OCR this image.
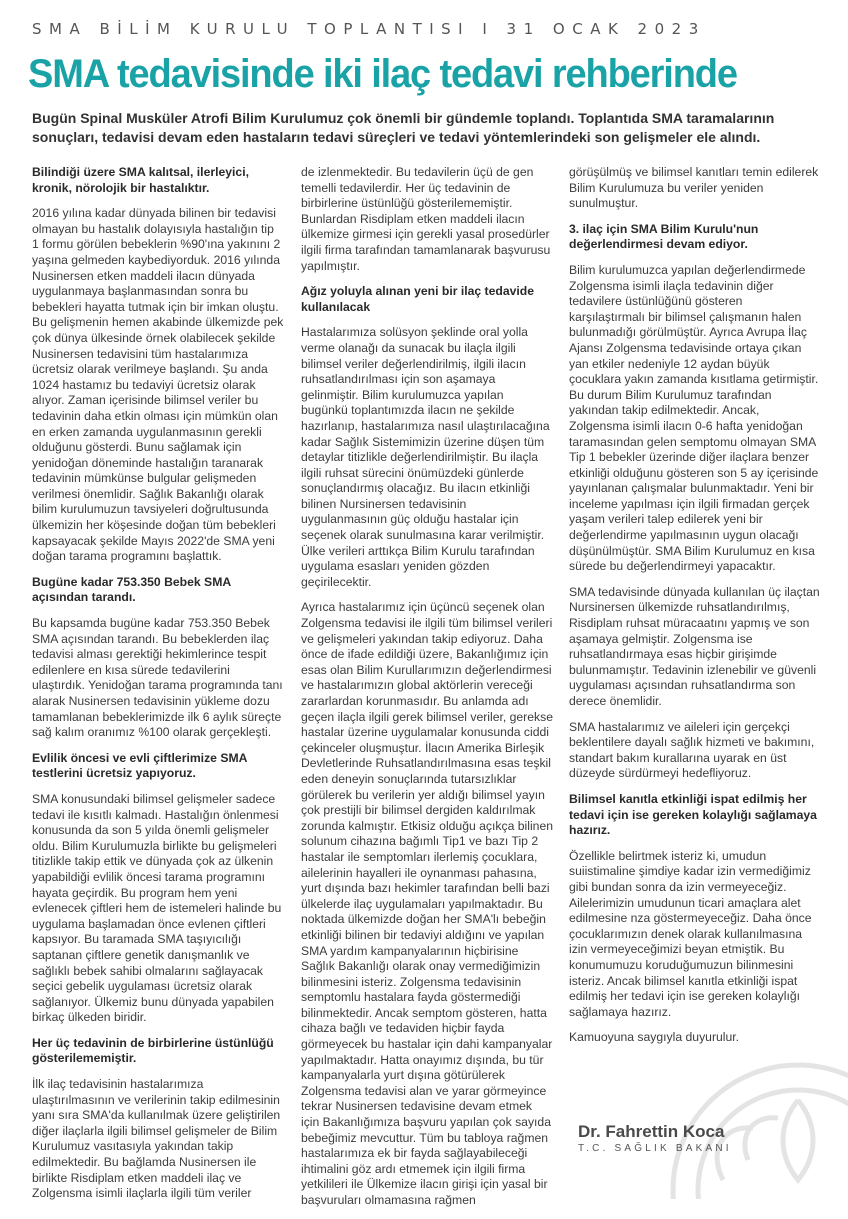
SMA BİLİM KURULU TOPLANTISI I 31 OCAK 2023
SMA tedavisinde iki ilaç tedavi rehberinde
Bugün Spinal Musküler Atrofi Bilim Kurulumuz çok önemli bir gündemle toplandı. Toplantıda SMA taramalarının sonuçları, tedavisi devam eden hastaların tedavi süreçleri ve tedavi yöntemlerindeki son gelişmeler ele alındı.

Bilindiği üzere SMA kalıtsal, ilerleyici, kronik, nörolojik bir hastalıktır.

2016 yılına kadar dünyada bilinen bir tedavisi olmayan bu hastalık dolayısıyla hastalığın tip 1 formu görülen bebeklerin %90'ına yakınını 2 yaşına gelmeden kaybediyorduk. 2016 yılında Nusinersen etken maddeli ilacın dünyada uygulanmaya başlanmasından sonra bu bebekleri hayatta tutmak için bir imkan oluştu. Bu gelişmenin hemen akabinde ülkemizde pek çok dünya ülkesinde örnek olabilecek şekilde Nusinersen tedavisini tüm hastalarımıza ücretsiz olarak verilmeye başlandı. Şu anda 1024 hastamız bu tedaviyi ücretsiz olarak alıyor. Zaman içerisinde bilimsel veriler bu tedavinin daha etkin olması için mümkün olan en erken zamanda uygulanmasının gerekli olduğunu gösterdi. Bunu sağlamak için yenidoğan döneminde hastalığın taranarak tedavinin mümkünse bulgular gelişmeden verilmesi önemlidir. Sağlık Bakanlığı olarak bilim kurulumuzun tavsiyeleri doğrultusunda ülkemizin her köşesinde doğan tüm bebekleri kapsayacak şekilde Mayıs 2022'de SMA yeni doğan tarama programını başlattık.

Bugüne kadar 753.350 Bebek SMA açısından tarandı.

Bu kapsamda bugüne kadar 753.350 Bebek SMA açısından tarandı. Bu bebeklerden ilaç tedavisi alması gerektiği hekimlerince tespit edilenlere en kısa sürede tedavilerini ulaştırdık. Yenidoğan tarama programında tanı alarak Nusinersen tedavisinin yükleme dozu tamamlanan bebeklerimizde ilk 6 aylık süreçte sağ kalım oranımız %100 olarak gerçekleşti.

Evlilik öncesi ve evli çiftlerimize SMA testlerini ücretsiz yapıyoruz.

SMA konusundaki bilimsel gelişmeler sadece tedavi ile kısıtlı kalmadı. Hastalığın önlenmesi konusunda da son 5 yılda önemli gelişmeler oldu. Bilim Kurulumuzla birlikte bu gelişmeleri titizlikle takip ettik ve dünyada çok az ülkenin yapabildiği evlilik öncesi tarama programını hayata geçirdik. Bu program hem yeni evlenecek çiftleri hem de istemeleri halinde bu uygulama başlamadan önce evlenen çiftleri kapsıyor. Bu taramada SMA taşıyıcılığı saptanan çiftlere genetik danışmanlık ve sağlıklı bebek sahibi olmalarını sağlayacak seçici gebelik uygulaması ücretsiz olarak sağlanıyor. Ülkemiz bunu dünyada yapabilen birkaç ülkeden biridir.

Her üç tedavinin de birbirlerine üstünlüğü gösterilememiştir.

İlk ilaç tedavisinin hastalarımıza ulaştırılmasının ve verilerinin takip edilmesinin yanı sıra SMA'da kullanılmak üzere geliştirilen diğer ilaçlarla ilgili bilimsel gelişmeler de Bilim Kurulumuz vasıtasıyla yakından takip edilmektedir. Bu bağlamda Nusinersen ile birlikte Risdiplam etken maddeli ilaç ve Zolgensma isimli ilaçlarla ilgili tüm veriler

de izlenmektedir. Bu tedavilerin üçü de gen temelli tedavilerdir. Her üç tedavinin de birbirlerine üstünlüğü gösterilememiştir. Bunlardan Risdiplam etken maddeli ilacın ülkemize girmesi için gerekli yasal prosedürler ilgili firma tarafından tamamlanarak başvurusu yapılmıştır.

Ağız yoluyla alınan yeni bir ilaç tedavide kullanılacak

Hastalarımıza solüsyon şeklinde oral yolla verme olanağı da sunacak bu ilaçla ilgili bilimsel veriler değerlendirilmiş, ilgili ilacın ruhsatlandırılması için son aşamaya gelinmiştir. Bilim kurulumuzca yapılan bugünkü toplantımızda ilacın ne şekilde hazırlanıp, hastalarımıza nasıl ulaştırılacağına kadar Sağlık Sistemimizin üzerine düşen tüm detaylar titizlikle değerlendirilmiştir. Bu ilaçla ilgili ruhsat sürecini önümüzdeki günlerde sonuçlandırmış olacağız. Bu ilacın etkinliği bilinen Nursinersen tedavisinin uygulanmasının güç olduğu hastalar için seçenek olarak sunulmasına karar verilmiştir. Ülke verileri arttıkça Bilim Kurulu tarafından uygulama esasları yeniden gözden geçirilecektir.

Ayrıca hastalarımız için üçüncü seçenek olan Zolgensma tedavisi ile ilgili tüm bilimsel verileri ve gelişmeleri yakından takip ediyoruz. Daha önce de ifade edildiği üzere, Bakanlığımız için esas olan Bilim Kurullarımızın değerlendirmesi ve hastalarımızın global aktörlerin vereceği zararlardan korunmasıdır. Bu anlamda adı geçen ilaçla ilgili gerek bilimsel veriler, gerekse hastalar üzerine uygulamalar konusunda ciddi çekinceler oluşmuştur. İlacın Amerika Birleşik Devletlerinde Ruhsatlandırılmasına esas teşkil eden deneyin sonuçlarında tutarsızlıklar görülerek bu verilerin yer aldığı bilimsel yayın çok prestijli bir bilimsel dergiden kaldırılmak zorunda kalmıştır. Etkisiz olduğu açıkça bilinen solunum cihazına bağımlı Tip1 ve bazı Tip 2 hastalar ile semptomları ilerlemiş çocuklara, ailelerinin hayalleri ile oynanması pahasına, yurt dışında bazı hekimler tarafından belli bazi ülkelerde ilaç uygulamaları yapılmaktadır. Bu noktada ülkemizde doğan her SMA'lı bebeğin etkinliği bilinen bir tedaviyi aldığını ve yapılan SMA yardım kampanyalarının hiçbirisine Sağlık Bakanlığı olarak onay vermediğimizin bilinmesini isteriz. Zolgensma tedavisinin semptomlu hastalara fayda göstermediği bilinmektedir. Ancak semptom gösteren, hatta cihaza bağlı ve tedaviden hiçbir fayda görmeyecek bu hastalar için dahi kampanyalar yapılmaktadır. Hatta onayımız dışında, bu tür kampanyalarla yurt dışına götürülerek Zolgensma tedavisi alan ve yarar görmeyince tekrar Nusinersen tedavisine devam etmek için Bakanlığımıza başvuru yapılan çok sayıda bebeğimiz mevcuttur. Tüm bu tabloya rağmen hastalarımıza ek bir fayda sağlayabileceği ihtimalini göz ardı etmemek için ilgili firma yetkilileri ile Ülkemize ilacın girişi için yasal bir başvuruları olmamasına rağmen

görüşülmüş ve bilimsel kanıtları temin edilerek Bilim Kurulumuza bu veriler yeniden sunulmuştur.

3. ilaç için SMA Bilim Kurulu'nun değerlendirmesi devam ediyor.

Bilim kurulumuzca yapılan değerlendirmede Zolgensma isimli ilaçla tedavinin diğer tedavilere üstünlüğünü gösteren karşılaştırmalı bir bilimsel çalışmanın halen bulunmadığı görülmüştür. Ayrıca Avrupa İlaç Ajansı Zolgensma tedavisinde ortaya çıkan yan etkiler nedeniyle 12 aydan büyük çocuklara yakın zamanda kısıtlama getirmiştir. Bu durum Bilim Kurulumuz tarafından yakından takip edilmektedir. Ancak, Zolgensma isimli ilacın 0-6 hafta yenidoğan taramasından gelen semptomu olmayan SMA Tip 1 bebekler üzerinde diğer ilaçlara benzer etkinliği olduğunu gösteren son 5 ay içerisinde yayınlanan çalışmalar bulunmaktadır. Yeni bir inceleme yapılması için ilgili firmadan gerçek yaşam verileri talep edilerek yeni bir değerlendirme yapılmasının uygun olacağı düşünülmüştür. SMA Bilim Kurulumuz en kısa sürede bu değerlendirmeyi yapacaktır.

SMA tedavisinde dünyada kullanılan üç ilaçtan Nursinersen ülkemizde ruhsatlandırılmış, Risdiplam ruhsat müracaatını yapmış ve son aşamaya gelmiştir. Zolgensma ise ruhsatlandırmaya esas hiçbir girişimde bulunmamıştır. Tedavinin izlenebilir ve güvenli uygulaması açısından ruhsatlandırma son derece önemlidir.

SMA hastalarımız ve aileleri için gerçekçi beklentilere dayalı sağlık hizmeti ve bakımını, standart bakım kurallarına uyarak en üst düzeyde sürdürmeyi hedefliyoruz.

Bilimsel kanıtla etkinliği ispat edilmiş her tedavi için ise gereken kolaylığı sağlamaya hazırız.

Özellikle belirtmek isteriz ki, umudun suiistimaline şimdiye kadar izin vermediğimiz gibi bundan sonra da izin vermeyeceğiz. Ailelerimizin umudunun ticari amaçlara alet edilmesine nza göstermeyeceğiz. Daha önce çocuklarımızın denek olarak kullanılmasına izin vermeyeceğimizi beyan etmiştik. Bu konumumuzu koruduğumuzun bilinmesini isteriz. Ancak bilimsel kanıtla etkinliği ispat edilmiş her tedavi için ise gereken kolaylığı sağlamaya hazırız.

Kamuoyuna saygıyla duyurulur.

Dr. Fahrettin Koca
T.C. SAĞLIK BAKANI
